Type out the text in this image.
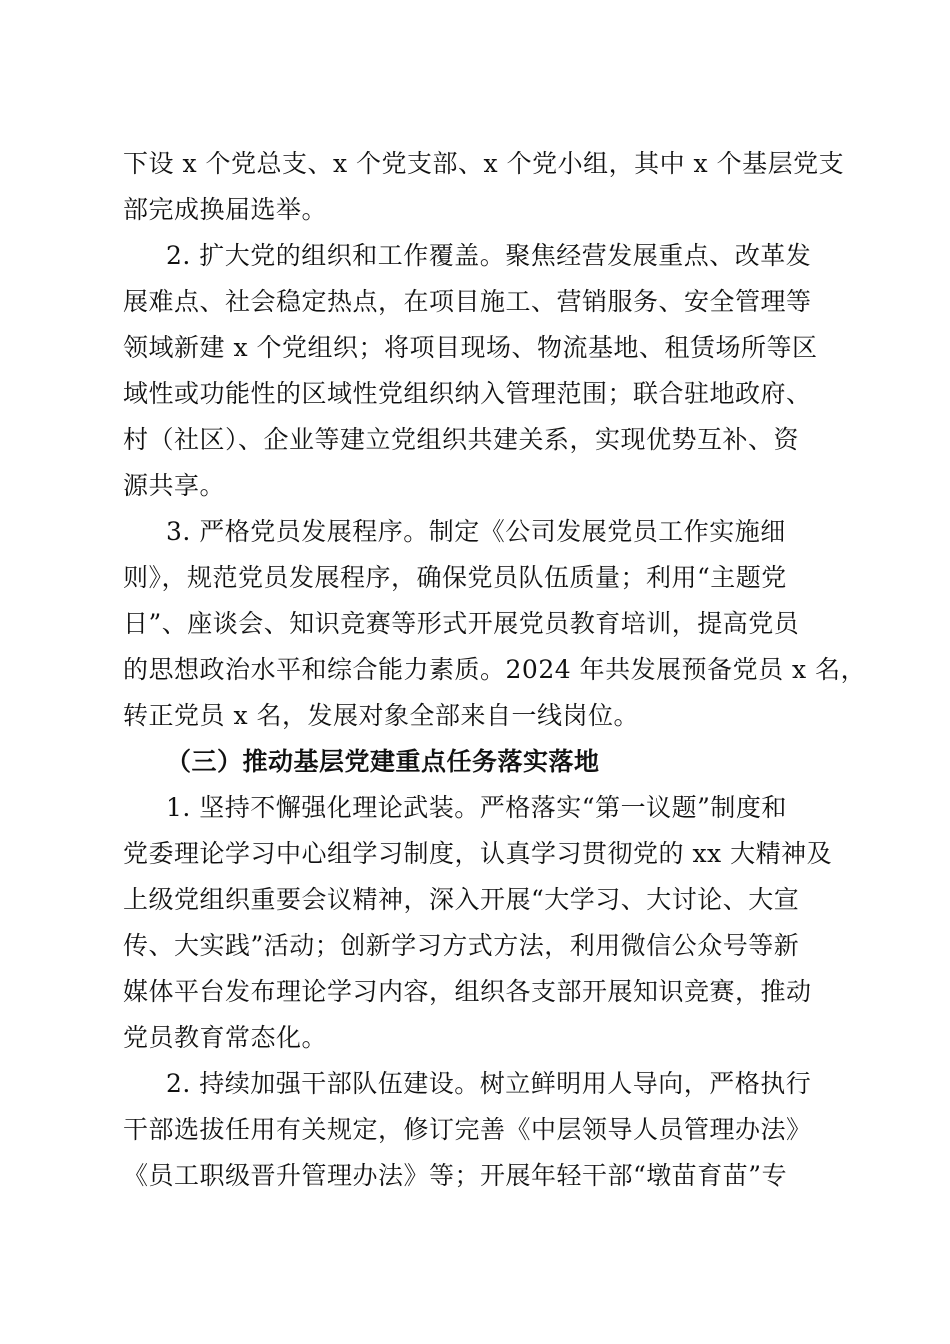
下设 x 个党总支、x 个党支部、x 个党小组，其中 x 个基层党支
部完成换届选举。
2. 扩大党的组织和工作覆盖。聚焦经营发展重点、改革发
展难点、社会稳定热点，在项目施工、营销服务、安全管理等
领域新建 x 个党组织；将项目现场、物流基地、租赁场所等区
域性或功能性的区域性党组织纳入管理范围；联合驻地政府、
村（社区）、企业等建立党组织共建关系，实现优势互补、资
源共享。
3. 严格党员发展程序。制定《公司发展党员工作实施细
则》，规范党员发展程序，确保党员队伍质量；利用“主题党
日”、座谈会、知识竞赛等形式开展党员教育培训，提高党员
的思想政治水平和综合能力素质。2024 年共发展预备党员 x 名，
转正党员 x 名，发展对象全部来自一线岗位。
（三）推动基层党建重点任务落实落地
1. 坚持不懈强化理论武装。严格落实“第一议题”制度和
党委理论学习中心组学习制度，认真学习贯彻党的 xx 大精神及
上级党组织重要会议精神，深入开展“大学习、大讨论、大宣
传、大实践”活动；创新学习方式方法，利用微信公众号等新
媒体平台发布理论学习内容，组织各支部开展知识竞赛，推动
党员教育常态化。
2. 持续加强干部队伍建设。树立鲜明用人导向，严格执行
干部选拔任用有关规定，修订完善《中层领导人员管理办法》
《员工职级晋升管理办法》等；开展年轻干部“墩苗育苗”专
